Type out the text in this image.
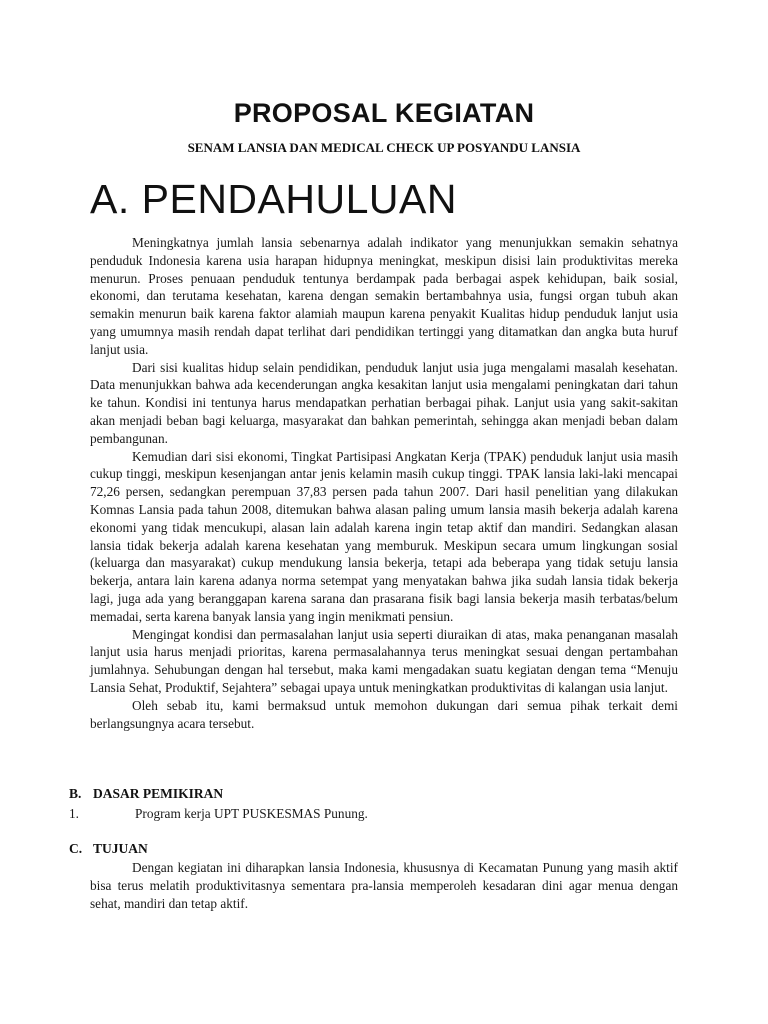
PROPOSAL KEGIATAN
SENAM LANSIA DAN MEDICAL CHECK UP POSYANDU LANSIA
A. PENDAHULUAN

Meningkatnya jumlah lansia sebenarnya adalah indikator yang menunjukkan semakin sehatnya penduduk Indonesia karena usia harapan hidupnya meningkat, meskipun disisi lain produktivitas mereka menurun. Proses penuaan penduduk tentunya berdampak pada berbagai aspek kehidupan, baik sosial, ekonomi, dan terutama kesehatan, karena dengan semakin bertambahnya usia, fungsi organ tubuh akan semakin menurun baik karena faktor alamiah maupun karena penyakit Kualitas hidup penduduk lanjut usia yang umumnya masih rendah dapat terlihat dari pendidikan tertinggi yang ditamatkan dan angka buta huruf lanjut usia.

Dari sisi kualitas hidup selain pendidikan, penduduk lanjut usia juga mengalami masalah kesehatan. Data menunjukkan bahwa ada kecenderungan angka kesakitan lanjut usia mengalami peningkatan dari tahun ke tahun. Kondisi ini tentunya harus mendapatkan perhatian berbagai pihak. Lanjut usia yang sakit-sakitan akan menjadi beban bagi keluarga, masyarakat dan bahkan pemerintah, sehingga akan menjadi beban dalam pembangunan.

Kemudian dari sisi ekonomi, Tingkat Partisipasi Angkatan Kerja (TPAK) penduduk lanjut usia masih cukup tinggi, meskipun kesenjangan antar jenis kelamin masih cukup tinggi. TPAK lansia laki-laki mencapai 72,26 persen, sedangkan perempuan 37,83 persen pada tahun 2007. Dari hasil penelitian yang dilakukan Komnas Lansia pada tahun 2008, ditemukan bahwa alasan paling umum lansia masih bekerja adalah karena ekonomi yang tidak mencukupi, alasan lain adalah karena ingin tetap aktif dan mandiri. Sedangkan alasan lansia tidak bekerja adalah karena kesehatan yang memburuk. Meskipun secara umum lingkungan sosial (keluarga dan masyarakat) cukup mendukung lansia bekerja, tetapi ada beberapa yang tidak setuju lansia bekerja, antara lain karena adanya norma setempat yang menyatakan bahwa jika sudah lansia tidak bekerja lagi, juga ada yang beranggapan karena sarana dan prasarana fisik bagi lansia bekerja masih terbatas/belum memadai, serta karena banyak lansia yang ingin menikmati pensiun.

Mengingat kondisi dan permasalahan lanjut usia seperti diuraikan di atas, maka penanganan masalah lanjut usia harus menjadi prioritas, karena permasalahannya terus meningkat sesuai dengan pertambahan jumlahnya. Sehubungan dengan hal tersebut, maka kami mengadakan suatu kegiatan dengan tema “Menuju Lansia Sehat, Produktif, Sejahtera” sebagai upaya untuk meningkatkan produktivitas di kalangan usia lanjut.

Oleh sebab itu, kami bermaksud untuk memohon dukungan dari semua pihak terkait demi berlangsungnya acara tersebut.

B. DASAR PEMIKIRAN
1.	Program kerja UPT PUSKESMAS Punung.
C. TUJUAN

Dengan kegiatan ini diharapkan lansia Indonesia, khususnya di Kecamatan Punung yang masih aktif bisa terus melatih produktivitasnya sementara pra-lansia memperoleh kesadaran dini agar menua dengan sehat, mandiri dan tetap aktif.
